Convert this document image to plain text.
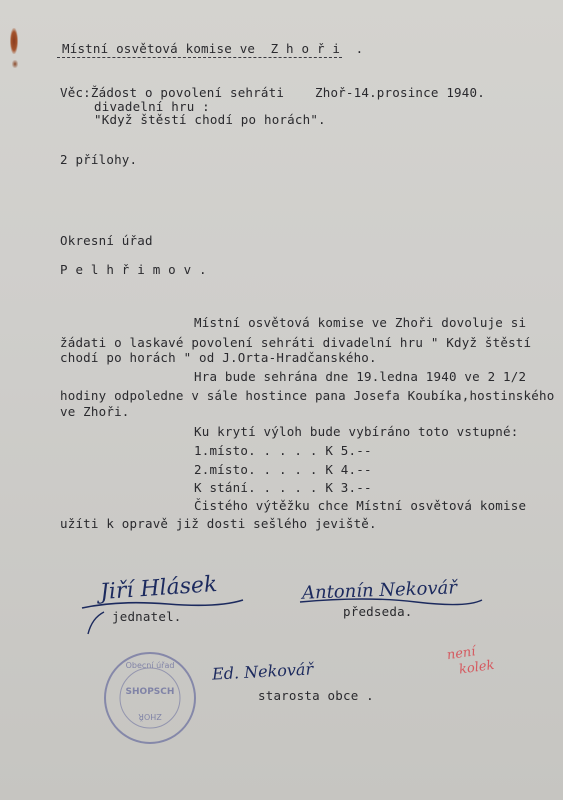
Místní osvětová komise ve  Z h o ř i  .
Věc:Žádost o povolení sehráti Zhoř-14.prosince 1940.
divadelní hru :
"Když štěstí chodí po horách".
2 přílohy.
Okresní úřad
P e l h ř i m o v .
Místní osvětová komise ve Zhoři dovoluje si
žádati o laskavé povolení sehráti divadelní hru " Když štěstí
chodí po horách " od J.Orta-Hradčanského.
Hra bude sehrána dne 19.ledna 1940 ve 2 1/2
hodiny odpoledne v sále hostince pana Josefa Koubíka,hostinského
ve Zhoři.
Ku krytí výloh bude vybíráno toto vstupné:
1.místo. . . . . K 5.--
2.místo. . . . . K 4.--
K stání. . . . . K 3.--
Čistého výtěžku chce Místní osvětová komise
užíti k opravě již dosti sešlého jeviště.
Jiří Hlásek
jednatel.
Antonín Nekovář
předseda.
Ed. Nekovář
starosta obce .
Obecní úřad
SHOPSCH
ZHOŘ
není
kolek
